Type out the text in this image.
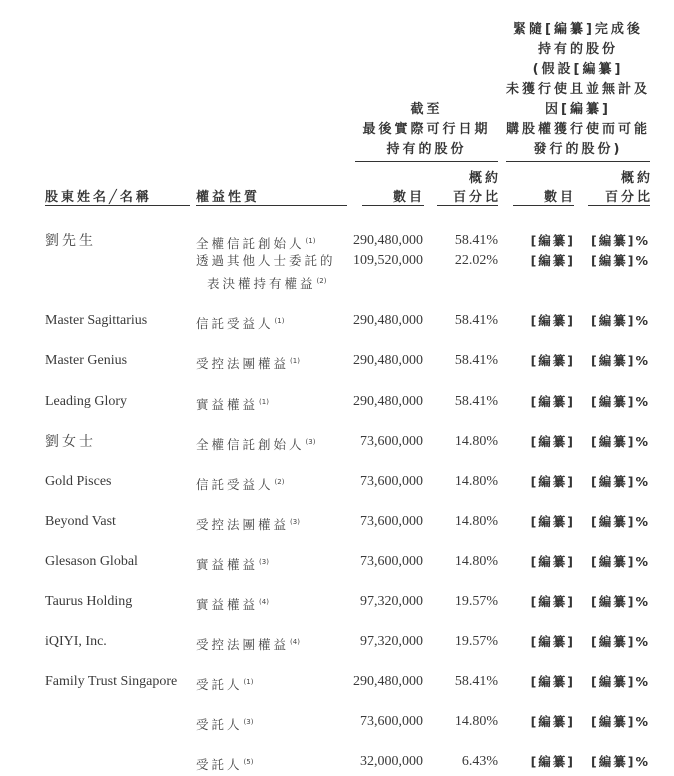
截至
最後實際可行日期
持有的股份
緊隨[編纂]完成後
持有的股份
(假設[編纂]
未獲行使且並無計及
因[編纂]
購股權獲行使而可能
發行的股份)
股東姓名╱名稱	權益性質	數目
概約
百分比	數目
概約
百分比
劉先生	全權信託創始人$^{(1)}$	290,480,000 58.41%	[編纂] [編纂]%
透過其他人士委託的
表決權持有權益$^{(2)}$
109,520,000 22.02%	[編纂] [編纂]%
Master Sagittarius	信託受益人$^{(1)}$	290,480,000 58.41%	[編纂] [編纂]%
Master Genius	受控法團權益$^{(1)}$	290,480,000 58.41%	[編纂] [編纂]%
Leading Glory	實益權益$^{(1)}$	290,480,000 58.41%	[編纂] [編纂]%
劉女士	全權信託創始人$^{(3)}$	73,600,000 14.80%	[編纂] [編纂]%
Gold Pisces	信託受益人$^{(2)}$	73,600,000 14.80%	[編纂] [編纂]%
Beyond Vast	受控法團權益$^{(3)}$	73,600,000 14.80%	[編纂] [編纂]%
Glesason Global	實益權益$^{(3)}$	73,600,000 14.80%	[編纂] [編纂]%
Taurus Holding	實益權益$^{(4)}$	97,320,000 19.57%	[編纂] [編纂]%
iQIYI, Inc.	受控法團權益$^{(4)}$	97,320,000 19.57%	[編纂] [編纂]%
Family Trust Singapore 受託人$^{(1)}$	290,480,000 58.41%	[編纂] [編纂]%
受託人$^{(3)}$	73,600,000 14.80%	[編纂] [編纂]%
受託人$^{(5)}$	32,000,000	6.43%	[編纂] [編纂]%
